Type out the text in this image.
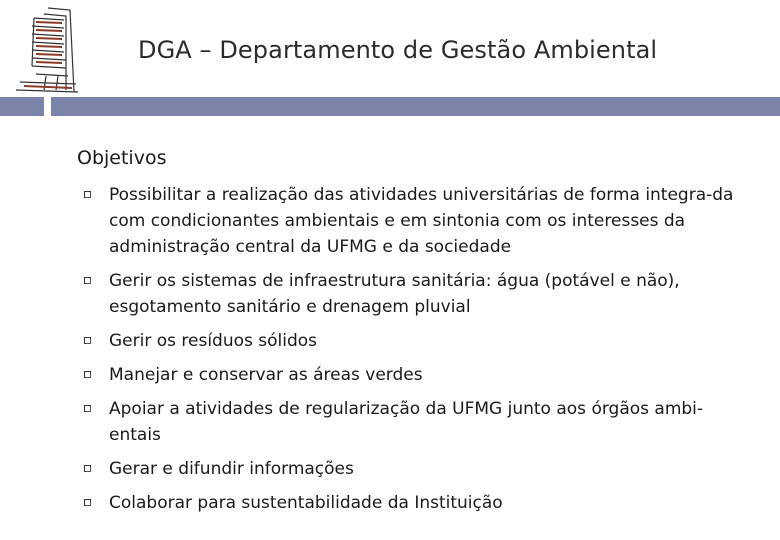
DGA – Departamento de Gestão Ambiental
Objetivos
Possibilitar a realização das atividades universitárias de forma integra-da com condicionantes ambientais e em sintonia com os interesses da administração central da UFMG e da sociedade
Gerir os sistemas de infraestrutura sanitária: água (potável e não), esgotamento sanitário e drenagem pluvial
Gerir os resíduos sólidos
Manejar e conservar as áreas verdes
Apoiar a atividades de regularização da UFMG junto aos órgãos ambi-entais
Gerar e difundir informações
Colaborar para sustentabilidade da Instituição
